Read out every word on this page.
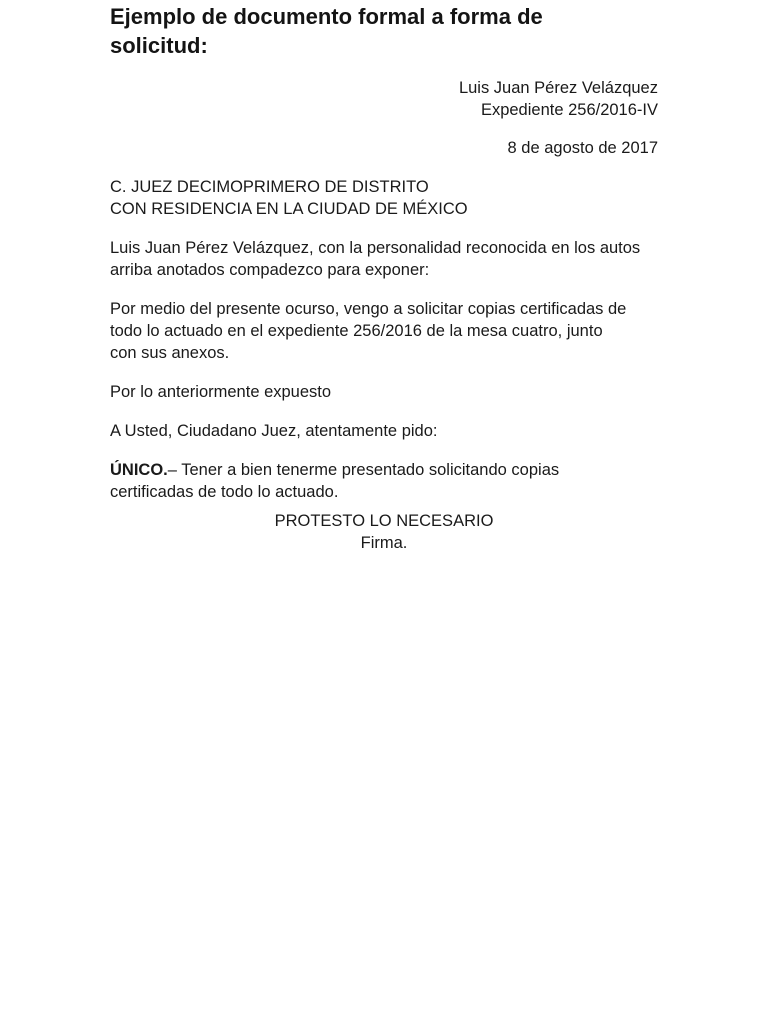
Ejemplo de documento formal a forma de
solicitud:
Luis Juan Pérez Velázquez
Expediente 256/2016-IV
8 de agosto de 2017

C. JUEZ DECIMOPRIMERO DE DISTRITO
CON RESIDENCIA EN LA CIUDAD DE MÉXICO

Luis Juan Pérez Velázquez, con la personalidad reconocida en los autos
arriba anotados compadezco para exponer:

Por medio del presente ocurso, vengo a solicitar copias certificadas de
todo lo actuado en el expediente 256/2016 de la mesa cuatro, junto
con sus anexos.

Por lo anteriormente expuesto

A Usted, Ciudadano Juez, atentamente pido:

ÚNICO.– Tener a bien tenerme presentado solicitando copias
certificadas de todo lo actuado.

PROTESTO LO NECESARIO
Firma.
